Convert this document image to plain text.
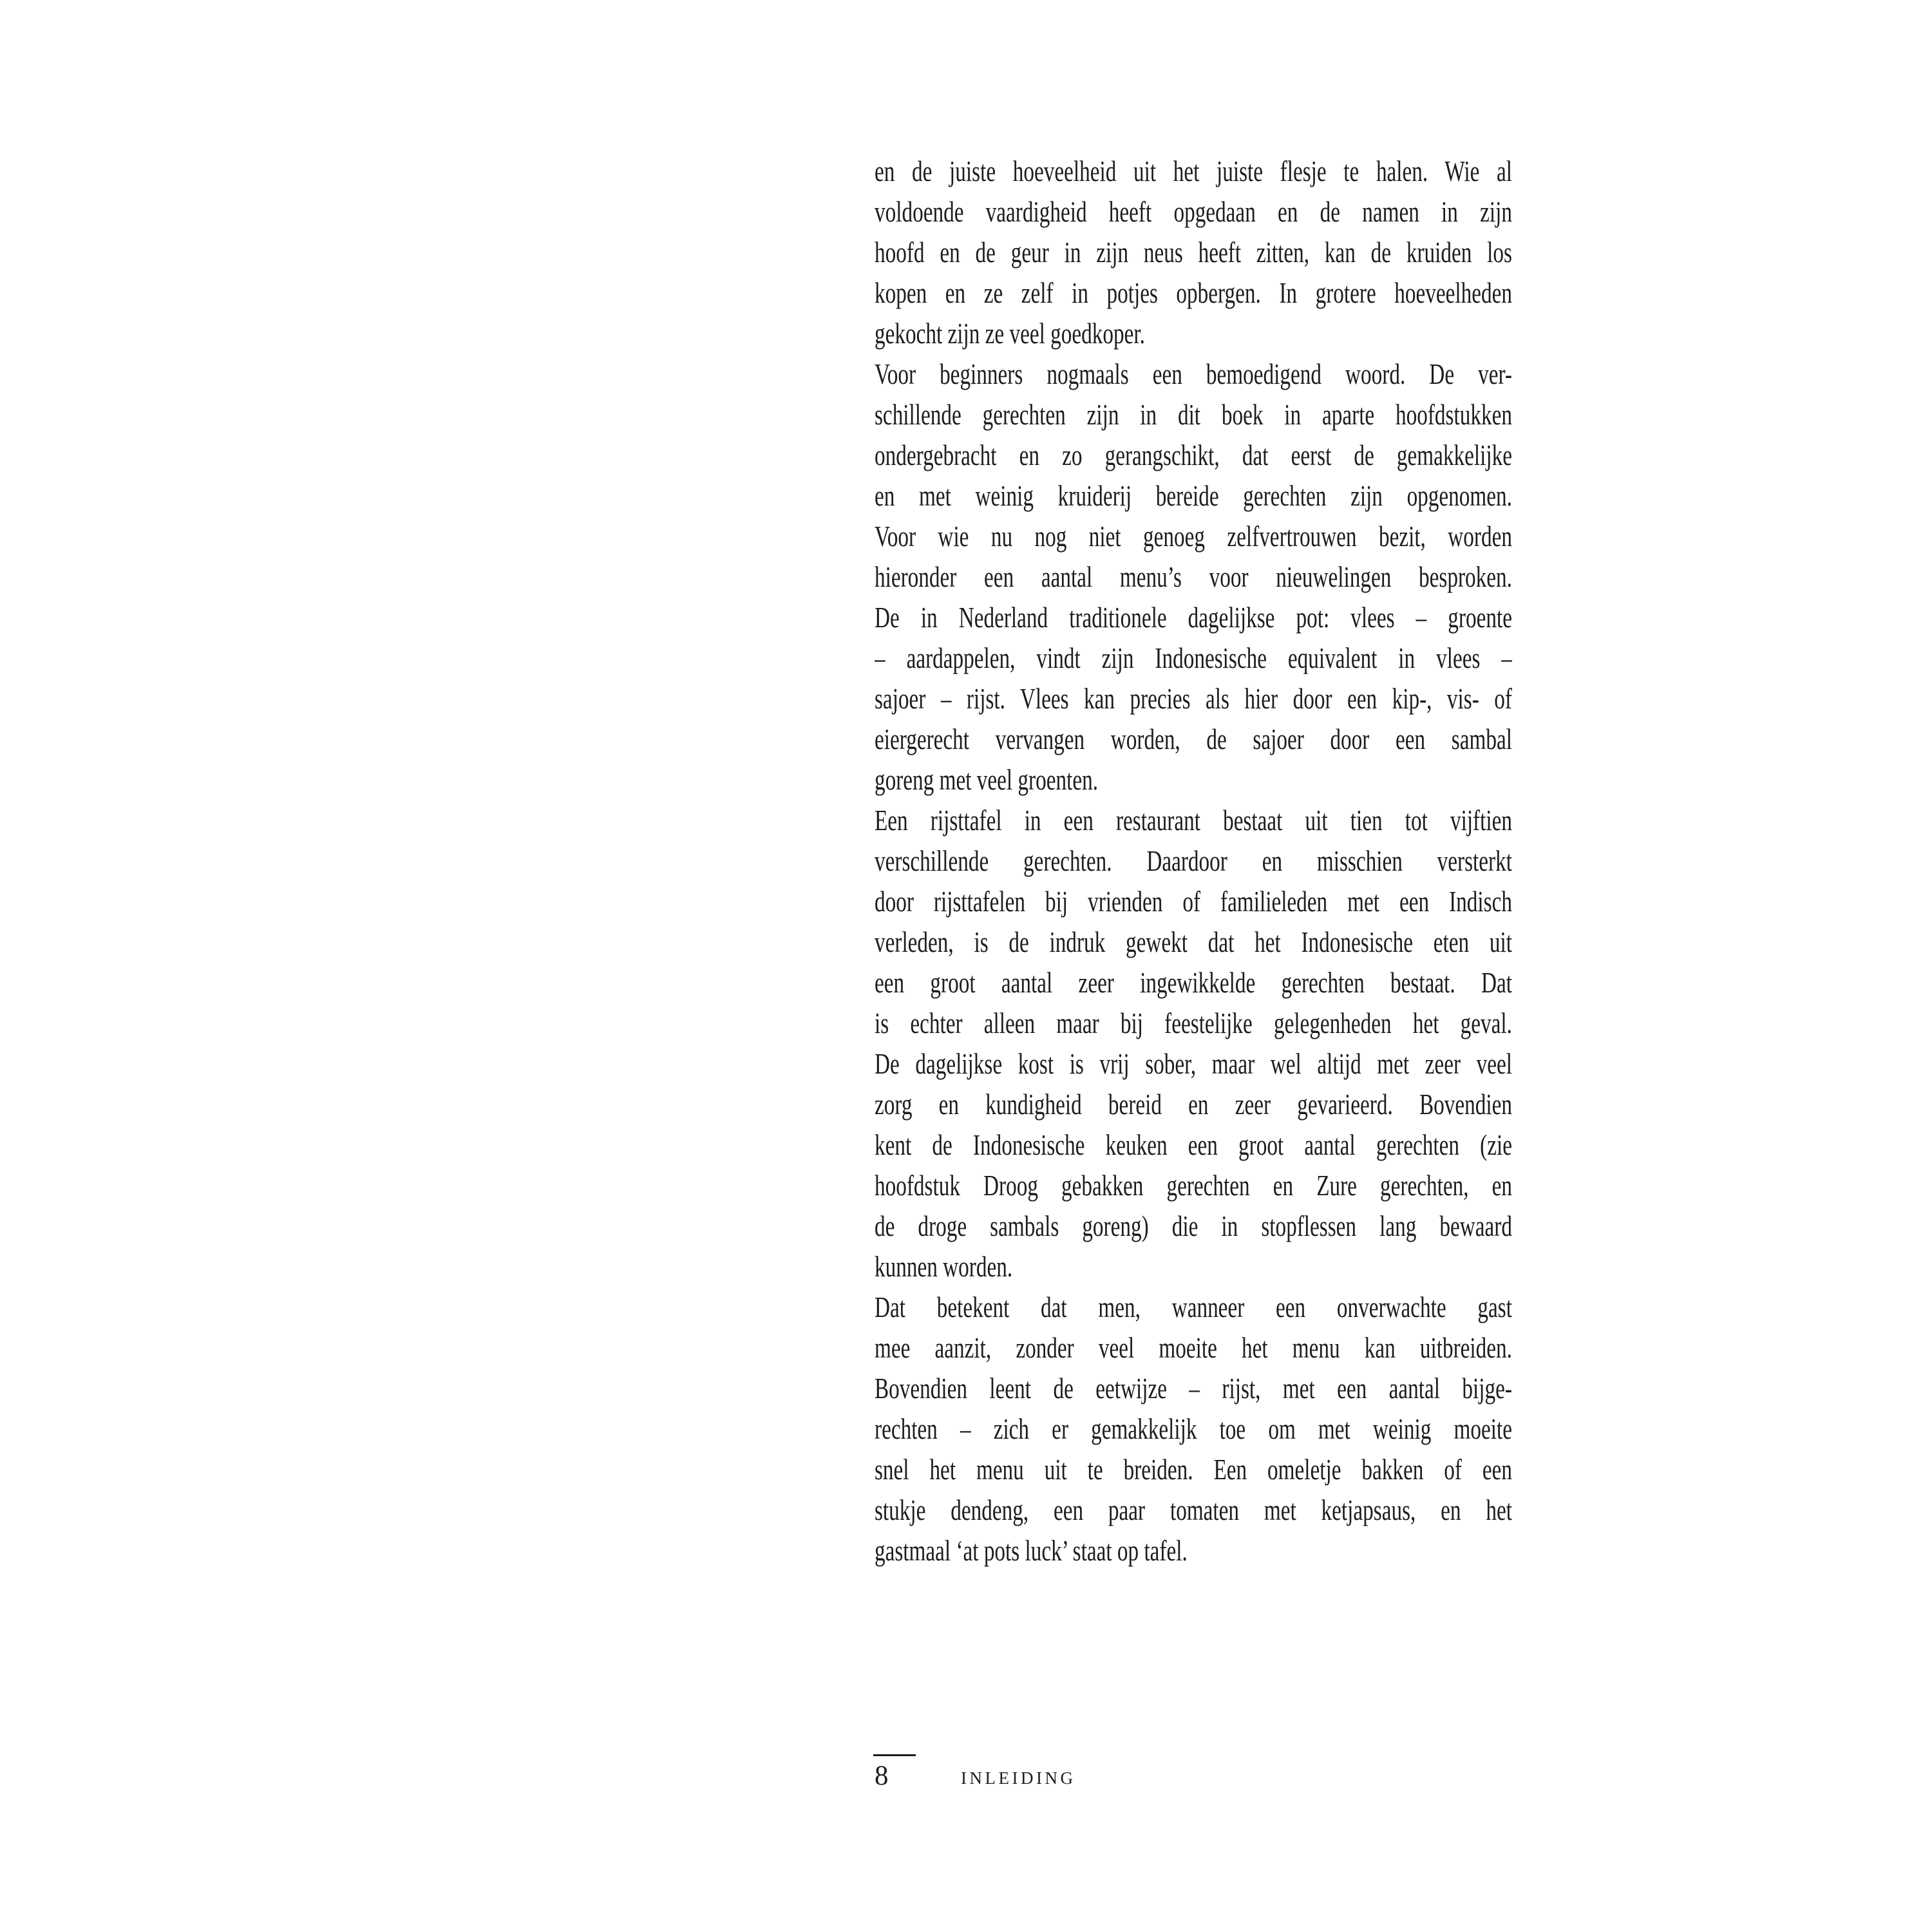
en de juiste hoeveelheid uit het juiste flesje te halen. Wie al
voldoende vaardigheid heeft opgedaan en de namen in zijn
hoofd en de geur in zijn neus heeft zitten, kan de kruiden los
kopen en ze zelf in potjes opbergen. In grotere hoeveelheden
gekocht zijn ze veel goedkoper.
Voor beginners nogmaals een bemoedigend woord. De ver-
schillende gerechten zijn in dit boek in aparte hoofdstukken
ondergebracht en zo gerangschikt, dat eerst de gemakkelijke
en met weinig kruiderij bereide gerechten zijn opgenomen.
Voor wie nu nog niet genoeg zelfvertrouwen bezit, worden
hieronder een aantal menu’s voor nieuwelingen besproken.
De in Nederland traditionele dagelijkse pot: vlees – groente
– aardappelen, vindt zijn Indonesische equivalent in vlees –
sajoer – rijst. Vlees kan precies als hier door een kip-, vis- of
eiergerecht vervangen worden, de sajoer door een sambal
goreng met veel groenten.
Een rijsttafel in een restaurant bestaat uit tien tot vijftien
verschillende gerechten. Daardoor en misschien versterkt
door rijsttafelen bij vrienden of familieleden met een Indisch
verleden, is de indruk gewekt dat het Indonesische eten uit
een groot aantal zeer ingewikkelde gerechten bestaat. Dat
is echter alleen maar bij feestelijke gelegenheden het geval.
De dagelijkse kost is vrij sober, maar wel altijd met zeer veel
zorg en kundigheid bereid en zeer gevarieerd. Bovendien
kent de Indonesische keuken een groot aantal gerechten (zie
hoofdstuk Droog gebakken gerechten en Zure gerechten, en
de droge sambals goreng) die in stopflessen lang bewaard
kunnen worden.
Dat betekent dat men, wanneer een onverwachte gast
mee aanzit, zonder veel moeite het menu kan uitbreiden.
Bovendien leent de eetwijze – rijst, met een aantal bijge-
rechten – zich er gemakkelijk toe om met weinig moeite
snel het menu uit te breiden. Een omeletje bakken of een
stukje dendeng, een paar tomaten met ketjapsaus, en het
gastmaal ‘at pots luck’ staat op tafel.
8	INLEIDING
